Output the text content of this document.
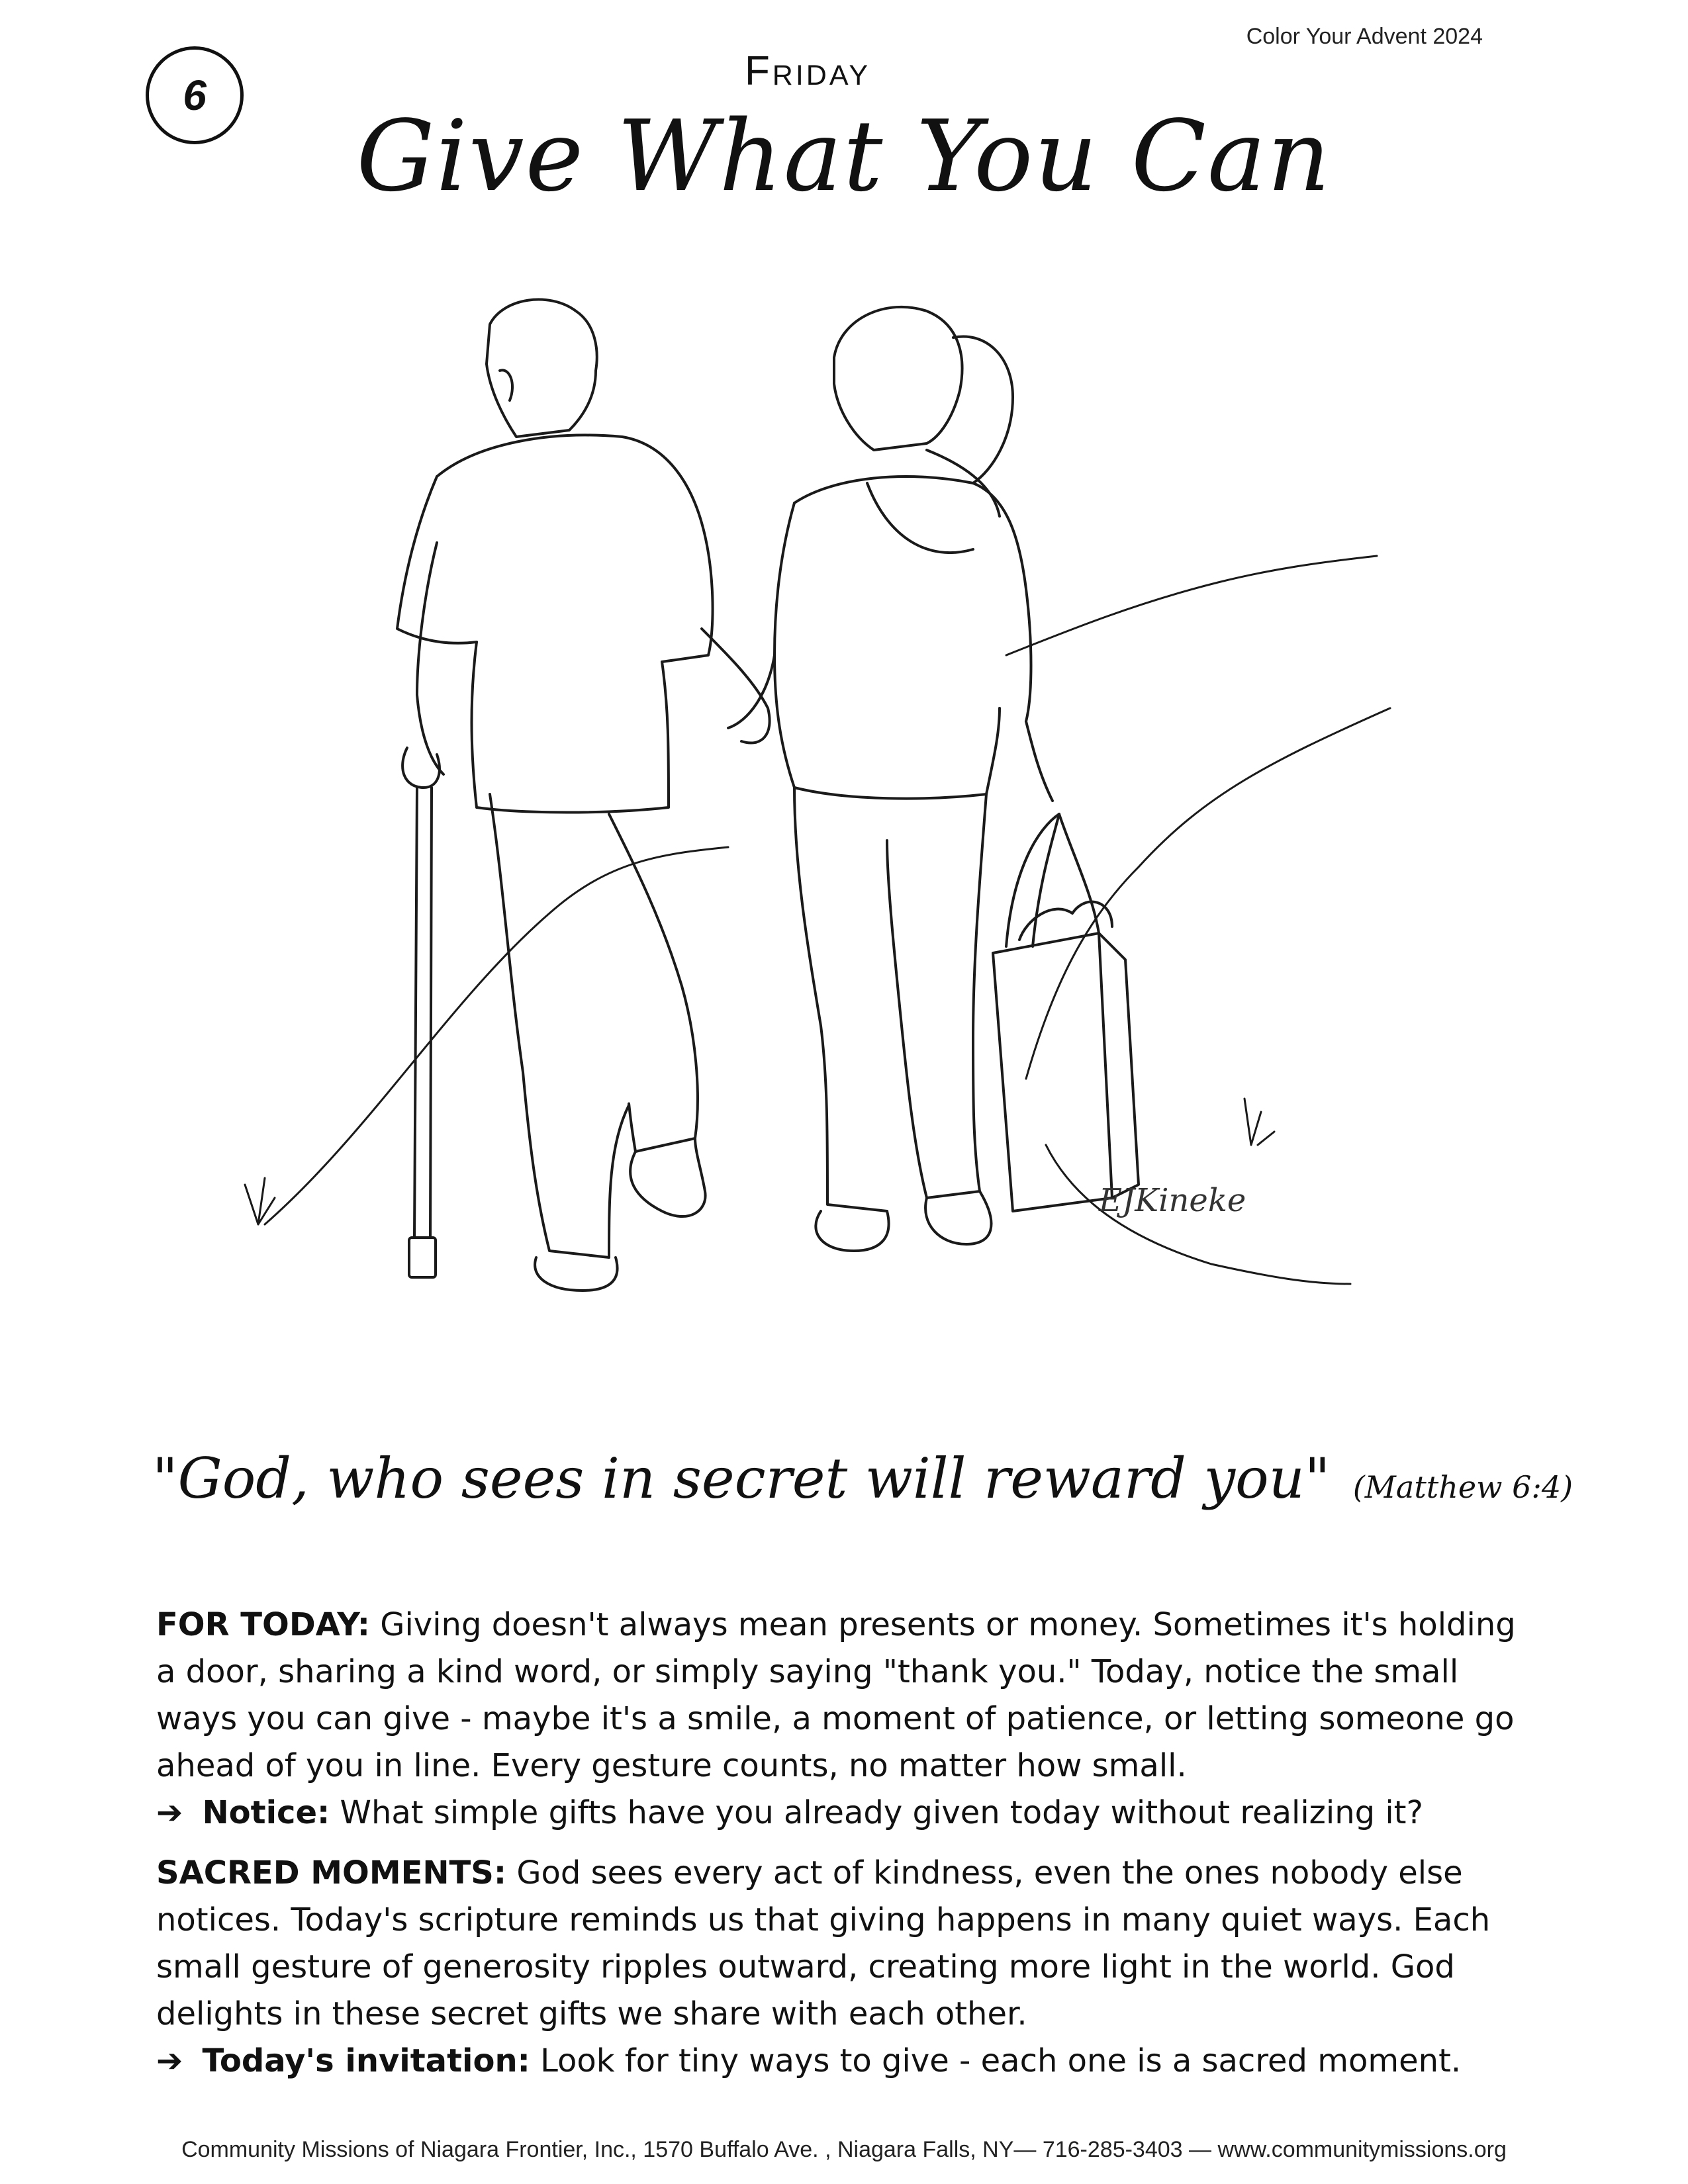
Color Your Advent 2024
6
Friday
Give What You Can
EJKineke
"God, who sees in secret will reward you" (Matthew 6:4)

FOR TODAY: Giving doesn't always mean presents or money. Sometimes it's holding a door, sharing a kind word, or simply saying "thank you." Today, notice the small ways you can give - maybe it's a smile, a moment of patience, or letting someone go ahead of you in line. Every gesture counts, no matter how small.

➔ Notice: What simple gifts have you already given today without realizing it?

SACRED MOMENTS: God sees every act of kindness, even the ones nobody else notices. Today's scripture reminds us that giving happens in many quiet ways. Each small gesture of generosity ripples outward, creating more light in the world. God delights in these secret gifts we share with each other.

➔ Today's invitation: Look for tiny ways to give - each one is a sacred moment.

Community Missions of Niagara Frontier, Inc., 1570 Buffalo Ave. , Niagara Falls, NY— 716-285-3403 — www.communitymissions.org
